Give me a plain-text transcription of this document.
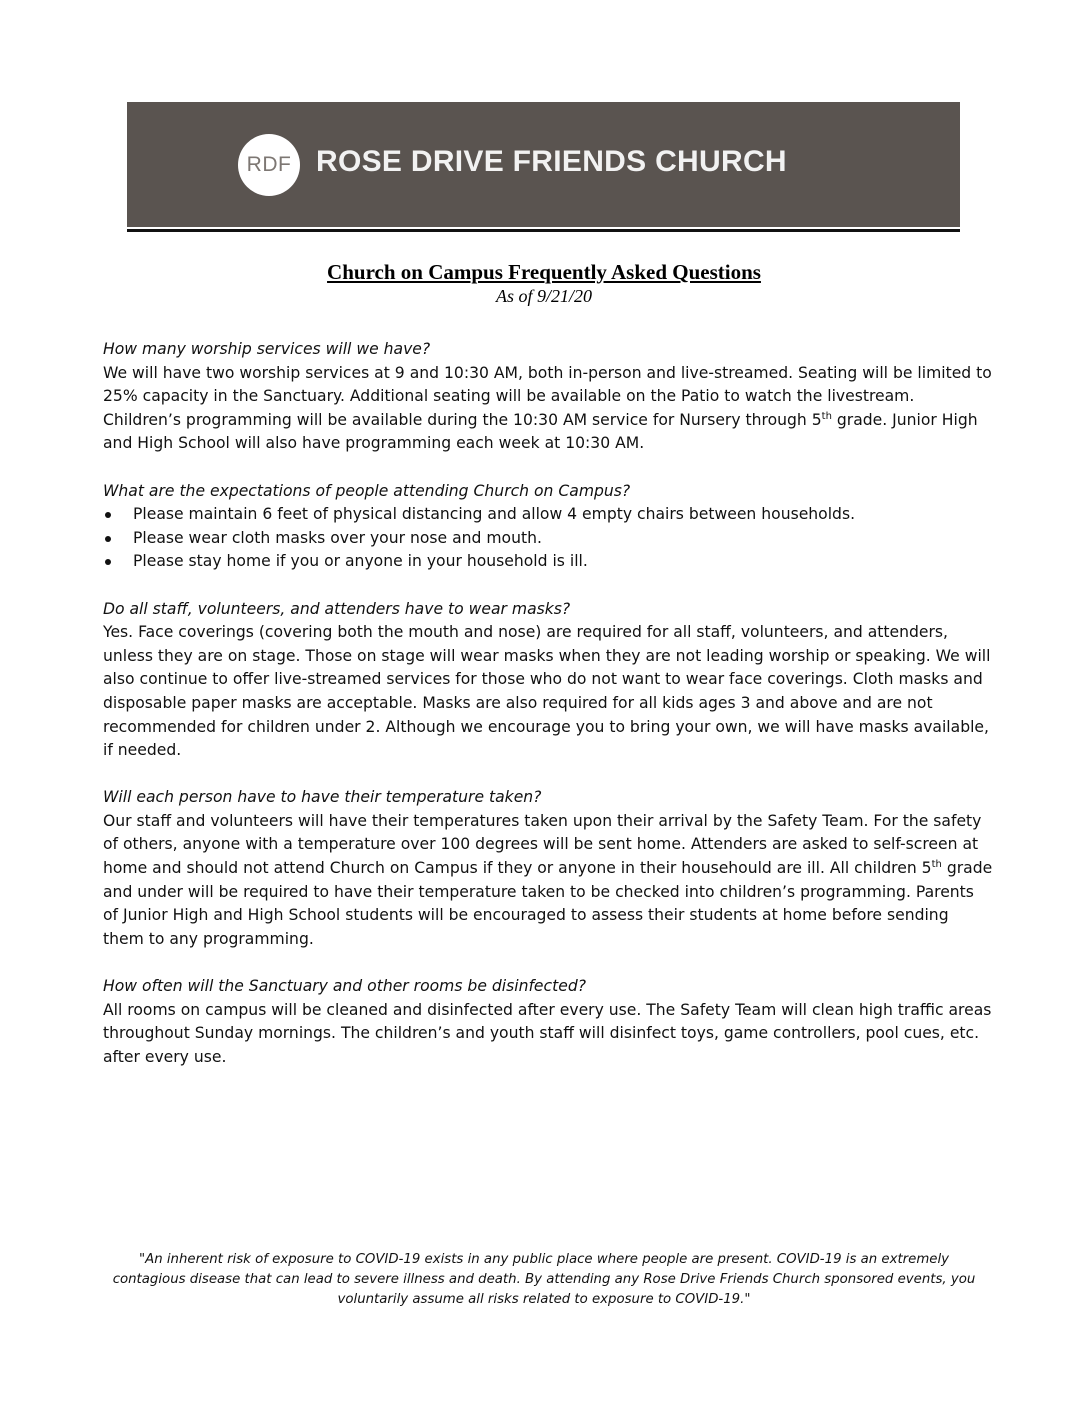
RDF ROSE DRIVE FRIENDS CHURCH
Church on Campus Frequently Asked Questions
As of 9/21/20

How many worship services will we have?

We will have two worship services at 9 and 10:30 AM, both in-person and live-streamed. Seating will be limited to 25% capacity in the Sanctuary. Additional seating will be available on the Patio to watch the livestream. Children’s programming will be available during the 10:30 AM service for Nursery through 5th grade. Junior High and High School will also have programming each week at 10:30 AM.

What are the expectations of people attending Church on Campus?

Please maintain 6 feet of physical distancing and allow 4 empty chairs between households.
Please wear cloth masks over your nose and mouth.
Please stay home if you or anyone in your household is ill.

Do all staff, volunteers, and attenders have to wear masks?

Yes. Face coverings (covering both the mouth and nose) are required for all staff, volunteers, and attenders, unless they are on stage. Those on stage will wear masks when they are not leading worship or speaking. We will also continue to offer live-streamed services for those who do not want to wear face coverings. Cloth masks and disposable paper masks are acceptable. Masks are also required for all kids ages 3 and above and are not recommended for children under 2. Although we encourage you to bring your own, we will have masks available, if needed.

Will each person have to have their temperature taken?

Our staff and volunteers will have their temperatures taken upon their arrival by the Safety Team. For the safety of others, anyone with a temperature over 100 degrees will be sent home. Attenders are asked to self-screen at home and should not attend Church on Campus if they or anyone in their househould are ill. All children 5th grade and under will be required to have their temperature taken to be checked into children’s programming. Parents of Junior High and High School students will be encouraged to assess their students at home before sending them to any programming.

How often will the Sanctuary and other rooms be disinfected?

All rooms on campus will be cleaned and disinfected after every use. The Safety Team will clean high traffic areas throughout Sunday mornings. The children’s and youth staff will disinfect toys, game controllers, pool cues, etc. after every use.

"An inherent risk of exposure to COVID-19 exists in any public place where people are present. COVID-19 is an extremely contagious disease that can lead to severe illness and death. By attending any Rose Drive Friends Church sponsored events, you voluntarily assume all risks related to exposure to COVID-19."
